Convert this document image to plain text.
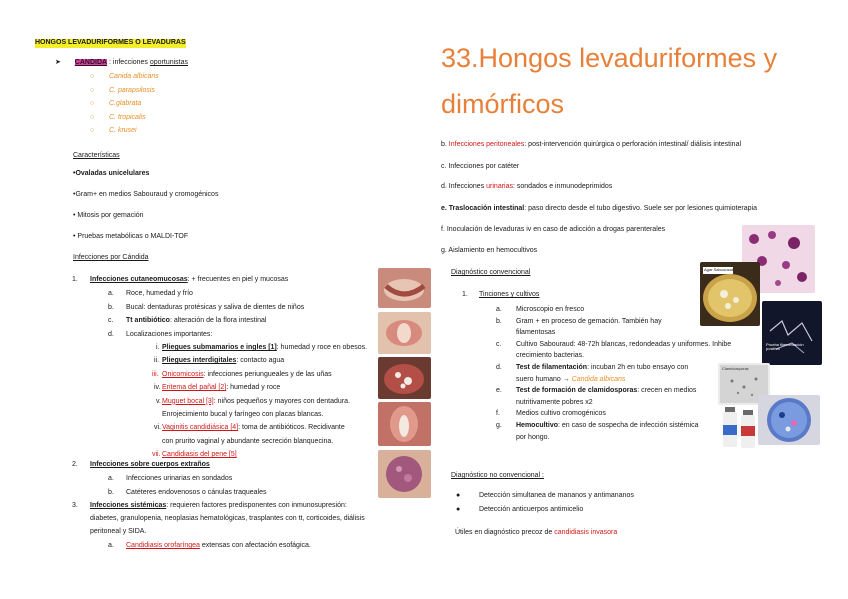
HONGOS LEVADURIFORMES O LEVADURAS
➤ CANDIDA : infecciones oportunistas
○ Canida albicans
○ C. parapsilosis
○ C.glabrata
○ C. tropicalis
○ C. krusei
Características
•Ovaladas unicelulares
•Gram+ en medios Sabouraud y cromogénicos
• Mitosis por gemación
• Pruebas metabólicas o MALDI-TOF
Infecciones por Cándida
1. Infecciones cutaneomucosas: + frecuentes en piel y mucosas
a. Roce, humedad y frío
b. Bucal: dentaduras protésicas y saliva de dientes de niños
c. Tt antibiótico: alteración de la flora intestinal
d. Localizaciones importantes:
i. Pliegues submamarios e ingles [1]: humedad y roce en obesos.
ii. Pliegues interdigitales: contacto agua
iii. Onicomicosis: infecciones periungueales y de las uñas
iv. Eritema del pañal [2]: humedad y roce
v. Muguet bocal [3]: niños pequeños y mayores con dentadura.
Enrojecimiento bucal y faríngeo con placas blancas.
vi. Vaginitis candidiásica [4]: toma de antibióticos. Recidivante
con prurito vaginal y abundante secreción blanquecina.
vii. Candidiasis del pene [5]
2. Infecciones sobre cuerpos extraños
a. Infecciones urinarias en sondados
b. Catéteres endovenosos o cánulas traqueales
3. Infecciones sistémicas: requieren factores predisponentes con inmunosupresión:
diabetes, granulopenia, neoplasias hematológicas, trasplantes con tt, corticoides, diálisis
peritoneal y SIDA.
a. Candidiasis orofaríngea extensas con afectación esofágica.
33.Hongos levaduriformes y
dimórficos
b. Infecciones peritoneales: post-intervención quirúrgica o perforación intestinal/ diálisis intestinal
c. Infecciones por catéter
d. Infecciones urinarias: sondados e inmunodeprimidos
e. Traslocación intestinal: paso directo desde el tubo digestivo. Suele ser por lesiones quimioterapia
f. Inoculación de levaduras iv en caso de adicción a drogas parenterales
g. Aislamiento en hemocultivos
Diagnóstico convencional
1. Tinciones y cultivos
a. Microscopio en fresco
b. Gram + en proceso de gemación. También hay
filamentosas
c. Cultivo Sabouraud: 48-72h blancas, redondeadas y uniformes. Inhibe
crecimiento bacterias.
d. Test de filamentación: incuban 2h en tubo ensayo con
suero humano → Candida albicans
e. Test de formación de clamidosporas: crecen en medios
nutritivamente pobres x2
f. Medios cultivo cromogénicos
g. Hemocultivo: en caso de sospecha de infección sistémica
por hongo.
Diagnóstico no convencional :
●	Detección simultanea de mananos y antimananos
●	Detección anticuerpos antimicelio
Útiles en diagnóstico precoz de candidiasis invasora
Agar Sabouraud
Prueba filamentación positiva
Clamidosporas
